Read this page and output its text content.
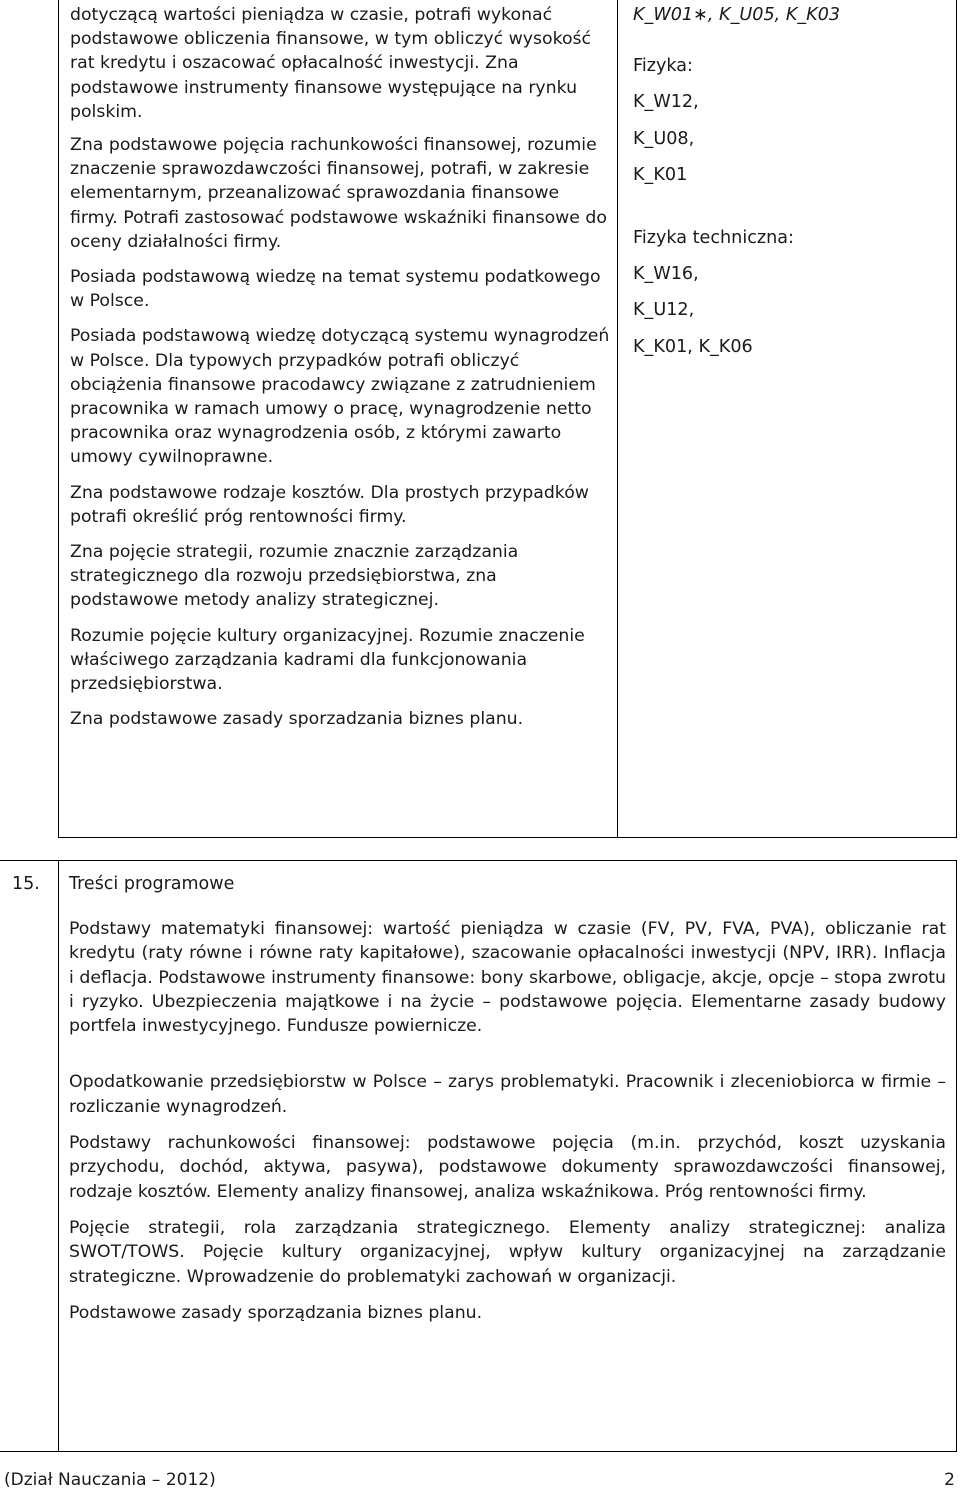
dotyczącą wartości pieniądza w czasie, potrafi wykonać podstawowe obliczenia finansowe, w tym obliczyć wysokość rat kredytu i oszacować opłacalność inwestycji. Zna podstawowe instrumenty finansowe występujące na rynku polskim.

Zna podstawowe pojęcia rachunkowości finansowej, rozumie znaczenie sprawozdawczości finansowej, potrafi, w zakresie elementarnym, przeanalizować sprawozdania finansowe firmy. Potrafi zastosować podstawowe wskaźniki finansowe do oceny działalności firmy.

Posiada podstawową wiedzę na temat systemu podatkowego w Polsce.

Posiada podstawową wiedzę dotyczącą systemu wynagrodzeń w Polsce. Dla typowych przypadków potrafi obliczyć obciążenia finansowe pracodawcy związane z zatrudnieniem pracownika w ramach umowy o pracę, wynagrodzenie netto pracownika oraz wynagrodzenia osób, z którymi zawarto umowy cywilnoprawne.

Zna podstawowe rodzaje kosztów. Dla prostych przypadków potrafi określić próg rentowności firmy.

Zna pojęcie strategii, rozumie znacznie zarządzania strategicznego dla rozwoju przedsiębiorstwa, zna podstawowe metody analizy strategicznej.

Rozumie pojęcie kultury organizacyjnej. Rozumie znaczenie właściwego zarządzania kadrami dla funkcjonowania przedsiębiorstwa.

Zna podstawowe zasady sporzadzania biznes planu.

K_W01∗, K_U05, K_K03
Fizyka:
K_W12,
K_U08,
K_K01
Fizyka techniczna:
K_W16,
K_U12,
K_K01, K_K06
15. Treści programowe

Podstawy matematyki finansowej: wartość pieniądza w czasie (FV, PV, FVA, PVA), obliczanie rat kredytu (raty równe i równe raty kapitałowe), szacowanie opłacalności inwestycji (NPV, IRR). Inflacja i deflacja. Podstawowe instrumenty finansowe: bony skarbowe, obligacje, akcje, opcje – stopa zwrotu i ryzyko. Ubezpieczenia majątkowe i na życie – podstawowe pojęcia. Elementarne zasady budowy portfela inwestycyjnego. Fundusze powiernicze.

Opodatkowanie przedsiębiorstw w Polsce – zarys problematyki. Pracownik i zleceniobiorca w firmie – rozliczanie wynagrodzeń.

Podstawy rachunkowości finansowej: podstawowe pojęcia (m.in. przychód, koszt uzyskania przychodu, dochód, aktywa, pasywa), podstawowe dokumenty sprawozdawczości finansowej, rodzaje kosztów. Elementy analizy finansowej, analiza wskaźnikowa. Próg rentowności firmy.

Pojęcie strategii, rola zarządzania strategicznego. Elementy analizy strategicznej: analiza SWOT/TOWS. Pojęcie kultury organizacyjnej, wpływ kultury organizacyjnej na zarządzanie strategiczne. Wprowadzenie do problematyki zachowań w organizacji.

Podstawowe zasady sporządzania biznes planu.

(Dział Nauczania – 2012)	2
